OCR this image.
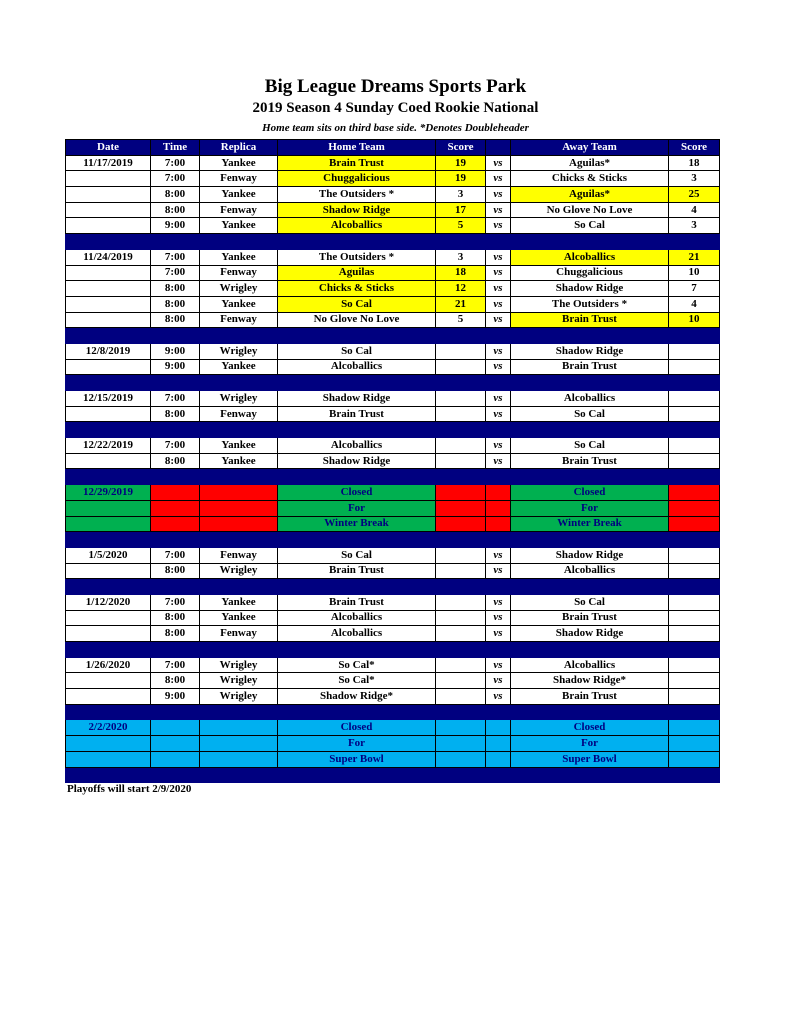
Big League Dreams Sports Park
2019 Season 4 Sunday Coed Rookie National
Home team sits on third base side. *Denotes Doubleheader
Date	Time	Replica	Home Team	Score		Away Team	Score
11/17/2019	7:00	Yankee	Brain Trust	19	vs	Aguilas*	18
	7:00	Fenway	Chuggalicious	19	vs	Chicks & Sticks	3
	8:00	Yankee	The Outsiders *	3	vs	Aguilas*	25
	8:00	Fenway	Shadow Ridge	17	vs	No Glove No Love	4
	9:00	Yankee	Alcoballics	5	vs	So Cal	3

11/24/2019	7:00	Yankee	The Outsiders *	3	vs	Alcoballics	21
	7:00	Fenway	Aguilas	18	vs	Chuggalicious	10
	8:00	Wrigley	Chicks & Sticks	12	vs	Shadow Ridge	7
	8:00	Yankee	So Cal	21	vs	The Outsiders *	4
	8:00	Fenway	No Glove No Love	5	vs	Brain Trust	10

12/8/2019	9:00	Wrigley	So Cal		vs	Shadow Ridge	
	9:00	Yankee	Alcoballics		vs	Brain Trust	

12/15/2019	7:00	Wrigley	Shadow Ridge		vs	Alcoballics	
	8:00	Fenway	Brain Trust		vs	So Cal	

12/22/2019	7:00	Yankee	Alcoballics		vs	So Cal	
	8:00	Yankee	Shadow Ridge		vs	Brain Trust	

12/29/2019			Closed			Closed	
			For			For	
			Winter Break			Winter Break	

1/5/2020	7:00	Fenway	So Cal		vs	Shadow Ridge	
	8:00	Wrigley	Brain Trust		vs	Alcoballics	

1/12/2020	7:00	Yankee	Brain Trust		vs	So Cal	
	8:00	Yankee	Alcoballics		vs	Brain Trust	
	8:00	Fenway	Alcoballics		vs	Shadow Ridge	

1/26/2020	7:00	Wrigley	So Cal*		vs	Alcoballics	
	8:00	Wrigley	So Cal*		vs	Shadow Ridge*	
	9:00	Wrigley	Shadow Ridge*		vs	Brain Trust	

2/2/2020			Closed			Closed	
			For			For	
			Super Bowl			Super Bowl	

Playoffs will start 2/9/2020
